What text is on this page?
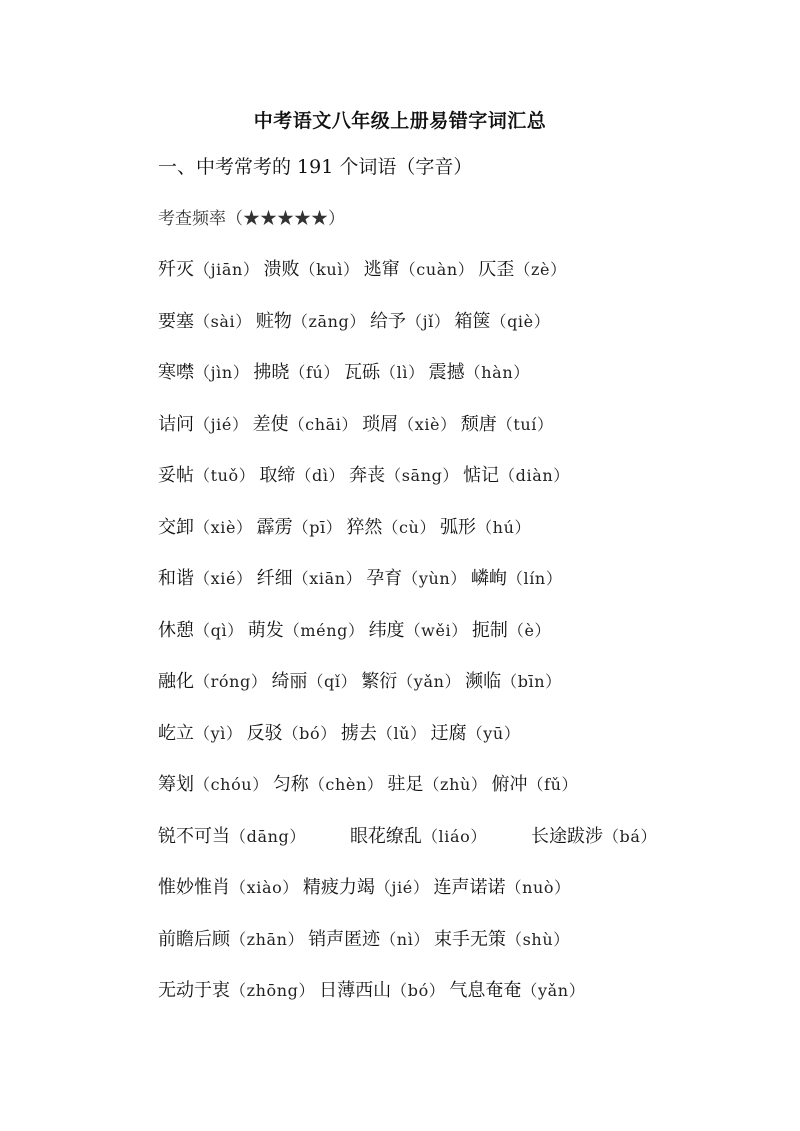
中考语文八年级上册易错字词汇总
一、中考常考的 191 个词语（字音）
考查频率（★★★★★）
歼灭（jiān） 溃败（kuì） 逃窜（cuàn） 仄歪（zè）
要塞（sài） 赃物（zāng） 给予（jǐ） 箱箧（qiè）
寒噤（jìn） 拂晓（fú） 瓦砾（lì） 震撼（hàn）
诘问（jié） 差使（chāi） 琐屑（xiè） 颓唐（tuí）
妥帖（tuǒ） 取缔（dì） 奔丧（sāng） 惦记（diàn）
交卸（xiè） 霹雳（pī） 猝然（cù） 弧形（hú）
和谐（xié） 纤细（xiān） 孕育（yùn） 嶙峋（lín）
休憩（qì） 萌发（méng） 纬度（wěi） 扼制（è）
融化（róng） 绮丽（qǐ） 繁衍（yǎn） 濒临（bīn）
屹立（yì） 反驳（bó） 掳去（lǔ） 迂腐（yū）
筹划（chóu） 匀称（chèn） 驻足（zhù） 俯冲（fǔ）
锐不可当（dāng） 眼花缭乱（liáo） 长途跋涉（bá）
惟妙惟肖（xiào） 精疲力竭（jié） 连声诺诺（nuò）
前瞻后顾（zhān） 销声匿迹（nì） 束手无策（shù）
无动于衷（zhōng） 日薄西山（bó） 气息奄奄（yǎn）
